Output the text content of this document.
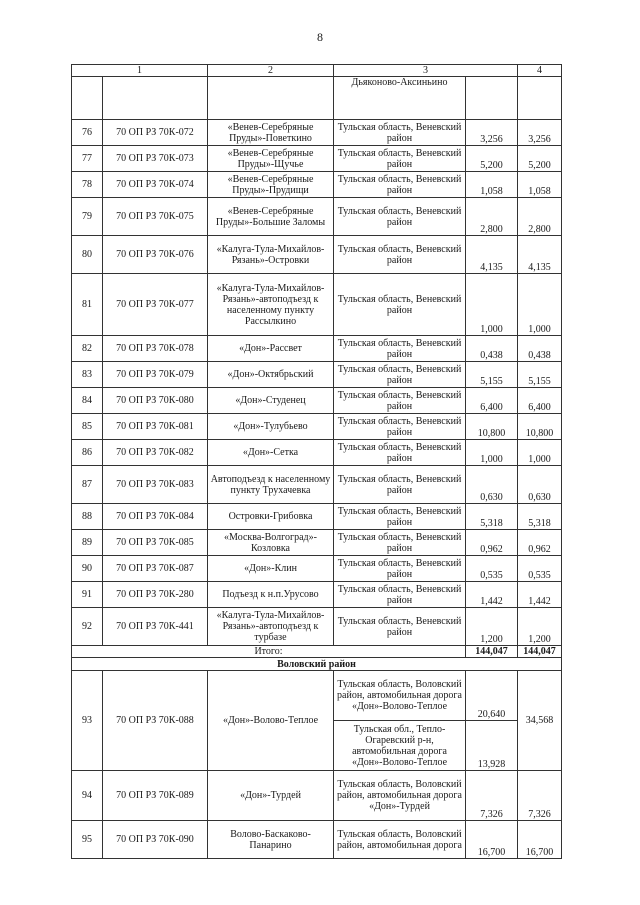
8
1		2	3		4
			Дьяконово-Аксиньино		
76	70 ОП РЗ 70К-072	«Венев-Серебряные Пруды»-Поветкино	Тульская область, Веневский район	3,256	3,256
77	70 ОП РЗ 70К-073	«Венев-Серебряные Пруды»-Щучье	Тульская область, Веневский район	5,200	5,200
78	70 ОП РЗ 70К-074	«Венев-Серебряные Пруды»-Прудищи	Тульская область, Веневский район	1,058	1,058
79	70 ОП РЗ 70К-075	«Венев-Серебряные Пруды»-Большие Заломы	Тульская область, Веневский район	2,800	2,800
80	70 ОП РЗ 70К-076	«Калуга-Тула-Михайлов-Рязань»-Островки	Тульская область, Веневский район	4,135	4,135
81	70 ОП РЗ 70К-077	«Калуга-Тула-Михайлов-Рязань»-автоподъезд к населенному пункту Рассылкино	Тульская область, Веневский район	1,000	1,000
82	70 ОП РЗ 70К-078	«Дон»-Рассвет	Тульская область, Веневский район	0,438	0,438
83	70 ОП РЗ 70К-079	«Дон»-Октябрьский	Тульская область, Веневский район	5,155	5,155
84	70 ОП РЗ 70К-080	«Дон»-Студенец	Тульская область, Веневский район	6,400	6,400
85	70 ОП РЗ 70К-081	«Дон»-Тулубьево	Тульская область, Веневский район	10,800	10,800
86	70 ОП РЗ 70К-082	«Дон»-Сетка	Тульская область, Веневский район	1,000	1,000
87	70 ОП РЗ 70К-083	Автоподъезд к населенному пункту Трухачевка	Тульская область, Веневский район	0,630	0,630
88	70 ОП РЗ 70К-084	Островки-Грибовка	Тульская область, Веневский район	5,318	5,318
89	70 ОП РЗ 70К-085	«Москва-Волгоград»-Козловка	Тульская область, Веневский район	0,962	0,962
90	70 ОП РЗ 70К-087	«Дон»-Клин	Тульская область, Веневский район	0,535	0,535
91	70 ОП РЗ 70К-280	Подъезд к н.п.Урусово	Тульская область, Веневский район	1,442	1,442
92	70 ОП РЗ 70К-441	«Калуга-Тула-Михайлов-Рязань»-автоподъезд к турбазе	Тульская область, Веневский район	1,200	1,200
Итого:				144,047	144,047
Воловский район					
93	70 ОП РЗ 70К-088	«Дон»-Волово-Теплое	Тульская область, Воловский район, автомобильная дорога «Дон»-Волово-Теплое	20,640	34,568
			Тульская обл., Тепло-Огаревский р-н, автомобильная дорога «Дон»-Волово-Теплое	13,928	
94	70 ОП РЗ 70К-089	«Дон»-Турдей	Тульская область, Воловский район, автомобильная дорога «Дон»-Турдей	7,326	7,326
95	70 ОП РЗ 70К-090	Волово-Баскаково-Панарино	Тульская область, Воловский район, автомобильная дорога	16,700	16,700
